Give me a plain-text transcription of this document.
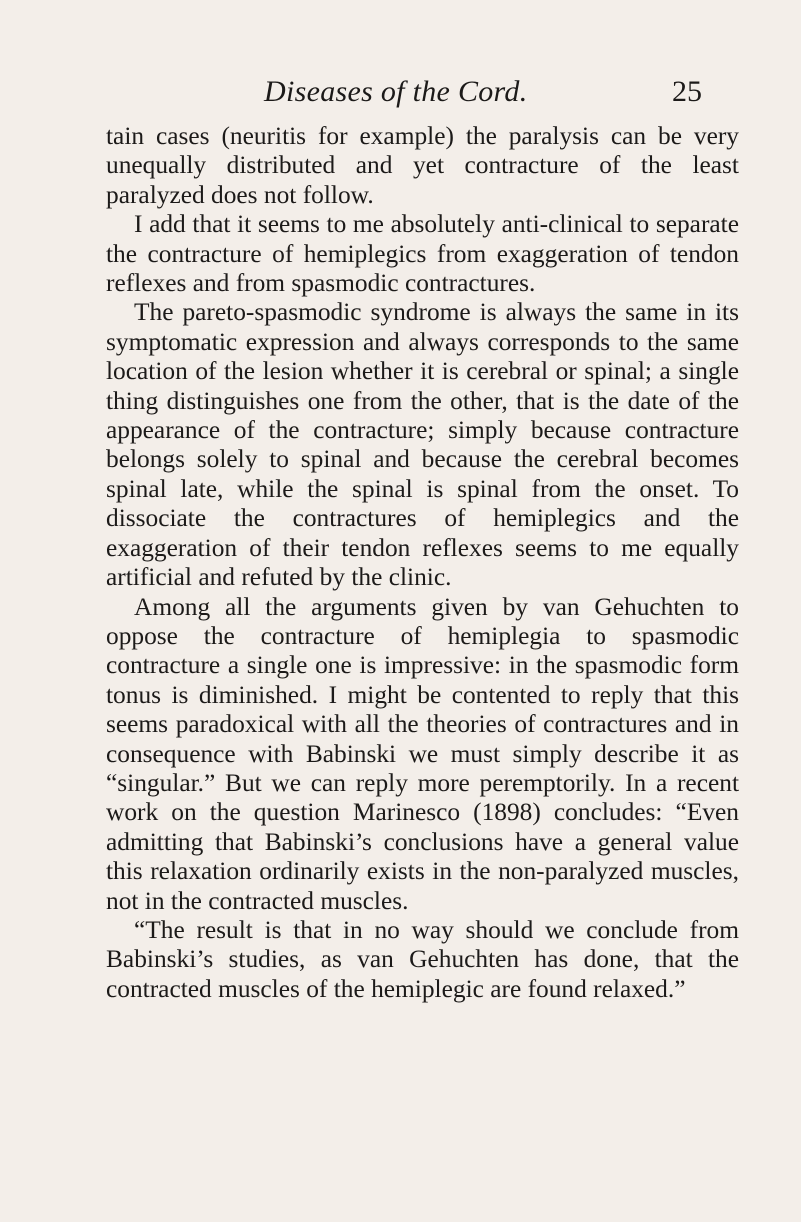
Diseases of the Cord.	25

tain cases (neuritis for example) the paralysis can be very unequally distributed and yet contracture of the least paralyzed does not follow.

I add that it seems to me absolutely anti-clinical to separate the contracture of hemiplegics from exaggeration of tendon reflexes and from spasmodic contractures.

The pareto-spasmodic syndrome is always the same in its symptomatic expression and always corresponds to the same location of the lesion whether it is cerebral or spinal; a single thing distinguishes one from the other, that is the date of the appearance of the contracture; simply because contracture belongs solely to spinal and because the cerebral becomes spinal late, while the spinal is spinal from the onset. To dissociate the contractures of hemiplegics and the exaggeration of their tendon reflexes seems to me equally artificial and refuted by the clinic.

Among all the arguments given by van Gehuchten to oppose the contracture of hemiplegia to spasmodic contracture a single one is impressive: in the spasmodic form tonus is diminished. I might be contented to reply that this seems paradoxical with all the theories of contractures and in consequence with Babinski we must simply describe it as “singular.” But we can reply more peremptorily. In a recent work on the question Marinesco (1898) concludes: “Even admitting that Babinski’s conclusions have a general value this relaxation ordinarily exists in the non-paralyzed muscles, not in the contracted muscles.

“The result is that in no way should we conclude from Babinski’s studies, as van Gehuchten has done, that the contracted muscles of the hemiplegic are found relaxed.”
